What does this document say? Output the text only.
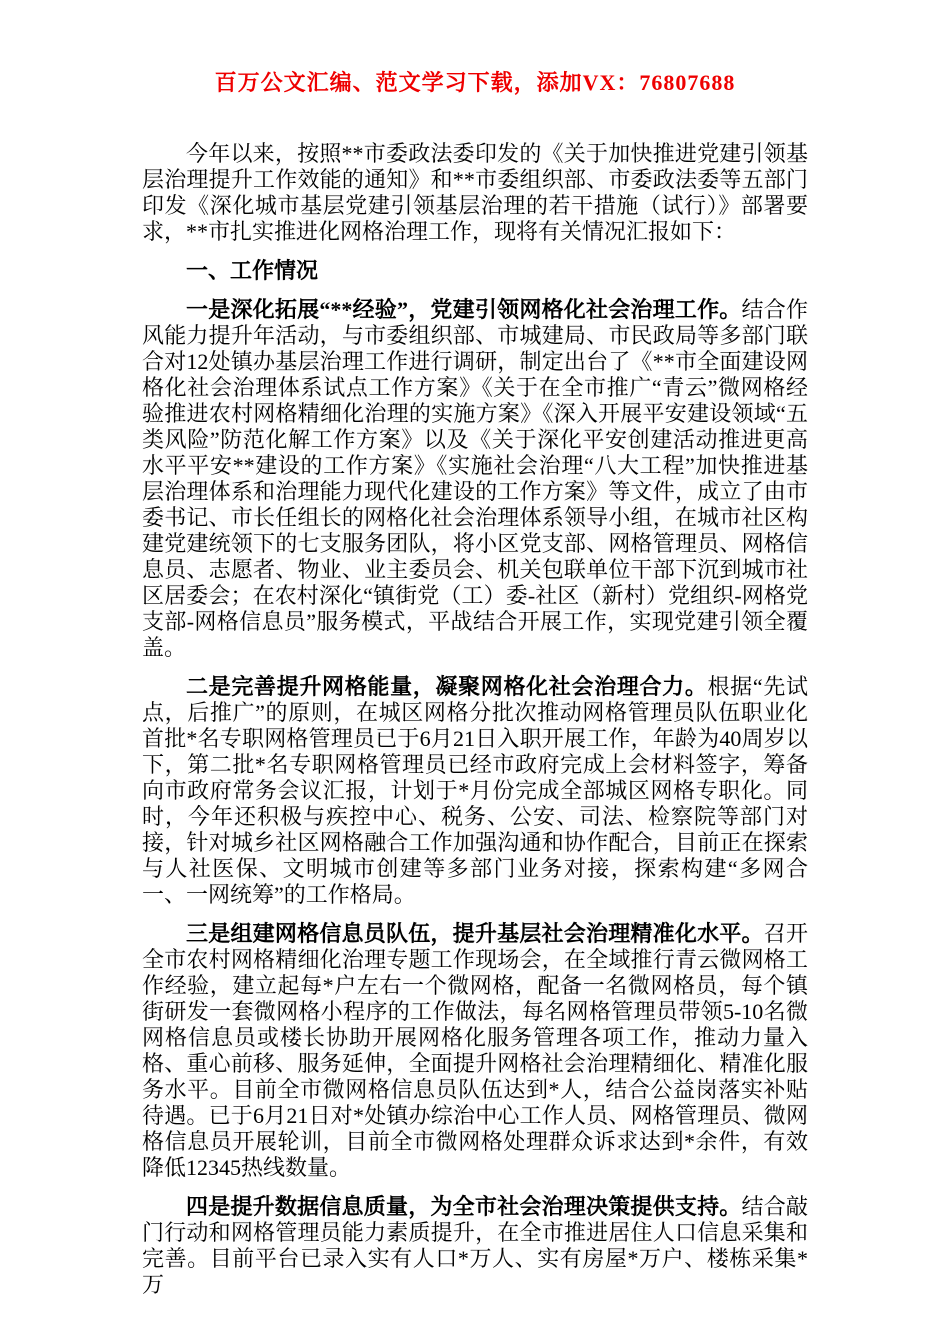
百万公文汇编、范文学习下载，添加VX：76807688

今年以来，按照**市委政法委印发的《关于加快推进党建引领基层治理提升工作效能的通知》和**市委组织部、市委政法委等五部门印发《深化城市基层党建引领基层治理的若干措施（试行）》部署要求，**市扎实推进化网格治理工作，现将有关情况汇报如下：

一、工作情况

一是深化拓展“**经验”，党建引领网格化社会治理工作。结合作风能力提升年活动，与市委组织部、市城建局、市民政局等多部门联合对12处镇办基层治理工作进行调研，制定出台了《**市全面建设网格化社会治理体系试点工作方案》《关于在全市推广“青云”微网格经验推进农村网格精细化治理的实施方案》《深入开展平安建设领域“五类风险”防范化解工作方案》以及《关于深化平安创建活动推进更高水平平安**建设的工作方案》《实施社会治理“八大工程”加快推进基层治理体系和治理能力现代化建设的工作方案》等文件，成立了由市委书记、市长任组长的网格化社会治理体系领导小组，在城市社区构建党建统领下的七支服务团队，将小区党支部、网格管理员、网格信息员、志愿者、物业、业主委员会、机关包联单位干部下沉到城市社区居委会；在农村深化“镇街党（工）委-社区（新村）党组织-网格党支部-网格信息员”服务模式，平战结合开展工作，实现党建引领全覆盖。

二是完善提升网格能量，凝聚网格化社会治理合力。根据“先试点，后推广”的原则，在城区网格分批次推动网格管理员队伍职业化首批*名专职网格管理员已于6月21日入职开展工作，年龄为40周岁以下，第二批*名专职网格管理员已经市政府完成上会材料签字，筹备向市政府常务会议汇报，计划于*月份完成全部城区网格专职化。同时，今年还积极与疾控中心、税务、公安、司法、检察院等部门对接，针对城乡社区网格融合工作加强沟通和协作配合，目前正在探索与人社医保、文明城市创建等多部门业务对接，探索构建“多网合一、一网统筹”的工作格局。

三是组建网格信息员队伍，提升基层社会治理精准化水平。召开全市农村网格精细化治理专题工作现场会，在全域推行青云微网格工作经验，建立起每*户左右一个微网格，配备一名微网格员，每个镇街研发一套微网格小程序的工作做法，每名网格管理员带领5-10名微网格信息员或楼长协助开展网格化服务管理各项工作，推动力量入格、重心前移、服务延伸，全面提升网格社会治理精细化、精准化服务水平。目前全市微网格信息员队伍达到*人，结合公益岗落实补贴待遇。已于6月21日对*处镇办综治中心工作人员、网格管理员、微网格信息员开展轮训，目前全市微网格处理群众诉求达到*余件，有效降低12345热线数量。

四是提升数据信息质量，为全市社会治理决策提供支持。结合敲门行动和网格管理员能力素质提升，在全市推进居住人口信息采集和完善。目前平台已录入实有人口*万人、实有房屋*万户、楼栋采集*万
